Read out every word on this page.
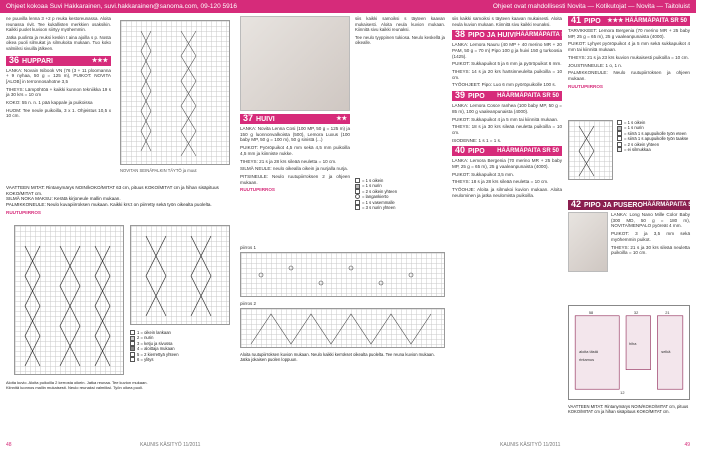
Ohjeet kokoaa Suvi Hakkarainen, suvi.hakkarainen@sanoma.com, 09-120 5916	Ohjeet ovat mahdollisesti Novita — Kotikutojat — Novita — Taitoluist

ne puuvilla lenna 3 +2 p reuka kestoreunassa. Aloita reunassa rivit. Tee kukallisten merkkien osaksikin. Kaikki puolet kuvioon siirtyy myöhemmin.

Jatka puolinta ja reuksi keskin t aina ajoilla s p. Nosta oikea puoli silmukat ja silmukoita mukaan. Tuo koko valmiiksi sivuilla jälkeen.

36 HUPPARI	★★★

LANKA: Novain Isibook VN (76 (3 + 11 ploomanna + 9 nyhaa, 50 g = 125 m), PUIKOT: NOVITA [ALOB] in terronnosahotne 3,5

TIHEYS: Lämpöhtöä + kaikki kunnon tekniikka 19 s ja 30 krs = 10 cm

KOKO: 55 n. n. 1 pää kappale ja puikoissa

HUOM: Tee neule puikoilla, 3 x 1. Ohjeistus 10,5 x 10 cm.

NOVITAN SEINÄPALKIN TÄYTÖ ja muut

VAATTEEN MITAT: Rintanymärys NOIN/kOKO/MITAT 63 cm, pituus KOKO/MITAT cm ja hihan sisäpituus KOKO/MITAT cm.

SILMÄ NOKA MAKSU: Kerätä kirjoneule mallin mukaan.

PALMIKKONEULE: Neulo kuvapiirroksen mukaan. Kaikki krs:t on piirretty sekä työn oikealta puolelta.

RUUTUPIIRROS

1 = oikein lankaan
2 = nurin
3 = ketju ja sivussa
4 = aloittaja mukaan
5 = 2 kierrettyä yhteen
6 = ylitys

Aloita kuvio. Aloita puikoilla 2 kerrosta oikein. Jatka reunaa. Tee kuvion mukaan.

Kiinnitä luonnos mallin mukaisesti. Neulo reunaksi valmiiksi. Työn oikea puoli.

37 HUIVI	★★

LANKA: Novita Lenna Cosi (100 MP, 50 g = 125 m) ja 150 g luonnonvalkoista (500), Lemora Luxus (100 baby MP, 50 g = 100 m), 50 g sinistä (...)

PUIKOT: Pyöröpuikot 4,5 mm sekä 4,5 mm puikoilla 4,5 mm ja kiinniste nukke.

TIHEYS: 21 s ja 28 krs sileää neuletta = 10 cm.

SILMÄ NEULE: neulo oikealla oikein ja nurjalla nurja.

PITSINEULE: Neulo ruutupiirroksen 2 ja ohjeen mukaan.

RUUTUPIIRROS

= 1 s oikein
= 1 s nurin
= 2 s oikein yhteen
= langankierto
= 1 s vasemmalle
= 3 s nurin yhteen
piirros 1
piirros 2

Aloita ruutupiirroksen kuvion mukaan. Neulo kaikki kerrokset oikealta puolelta. Tee reuna kuvion mukaan. Jatka jokaisen puolen loppuun.

siis kaikki samoiksi s täyteen kaavan mukaisesti. Aloita neula kuvion mukaan. Kiinnitä sivu kaikki reunaksi.

Tee neulo tyyppinen tukiosa. Neulo keskellä ja oikealle.

siis kaikki samoiksi s täyteen kaavan mukaisesti. Aloita neula kuvion mukaan. Kiinnitä sivu kaikki reunaksi.

38 PIPO JA HUIVI HÄÄRMÄPAITA SR 50

LANKA: Lemora Nauru (40 MP + 40 merino MR + 20 PAM, 50 g = 70 m) Pipo 100 g ja huivi 150 g turkoosia (1425).

PUIKOT: Sukkapuikot 5 ja 6 mm ja pyöröpuikot 6 mm.

TIHEYS: 14 s ja 20 krs hartsinneulelta puikoilla = 10 cm.

TYÖOHJEET: Pipo: Luo 6 mm pyöröpuikolle 100 s.

39 PIPO HÄÄRMÄPAITA SR 50

LANKA: Lemora Cosce ranhea (100 baby MP, 50 g = 85 m), 100 g vaaleanpunaista (4000).

PUIKOT: Sukkapuikot 4 ja 5 mm tai kiinnitä mukaan.

TIHEYS: 18 s ja 30 krs sileää neuletta puikoilla = 10 cm.

ISODENNE: 1 s 1 = 1 s.

40 PIPO HÄÄRMÄPAITA SR 50

LANKA: Lemora Bergenia (70 merino MR + 25 baby MP, 25 g = 65 m), 25 g vaaleanpunaista (4000).

PUIKOT: Sukkapuikot 3,5 mm.

TIHEYS: 18 s ja 28 krs sileää neuletta = 10 cm.

TYÖOHJE: Aloita ja silmukoi kuvion mukaan. Aloita neulominen ja jatka neulomista puikoilla.

41 PIPO ★★★ HÄÄRMÄPAITA SR 50

TARVIKKEET: Lemora Bergenia (70 merino MR + 25 baby MP, 25 g = 65 m), 25 g vaaleanpunaista (4000).

PUIKOT: Lyhyet pyöröpuikot 4 ja 5 mm sekä sukkapuikot 4 mm tai kiinnitä mukaan.

TIHEYS: 21 s ja 23 krs kuvion mukaisesti puikoilla = 10 cm.

JOUSTINNEULE: 1 o, 1 n.

PALMIKKONEULE: Neulo ruutupiirroksen ja ohjeen mukaan.

RUUTUPIIRROS

= 1 s oikein
= 1 s nurin
= siirrä 1 s apupuikolle työn eteen
= siirrä 1 s apupuikolle työn taakse
= 2 s oikein yhteen
= ei silmukkaa
42 PIPO JA PUSERO HÄÄRMÄPAITA SR 50

LANKA: Long Nano Mille Color Baby (300 MD, 50 g = 180 m), NOVITA/MENPALO pyöreät 4 mm.

PUIKOT: 3 ja 3,5 mm sekä myöhemmin puikot.

TIHEYS: 21 s ja 30 krs sileää neuletta puikoilla = 10 cm.

aloita tästä
rintamus
hiha
selkä
58	32	21
12

VAATTEEN MITAT: Rintanymärys NOIN/KOKO/MITAT cm, pituus KOKO/MITAT cm ja hihan sisäpituus KOKO/MITAT cm.

48	KAUNIS KÄSITYÖ 11/2011	KAUNIS KÄSITYÖ 11/2011	49
